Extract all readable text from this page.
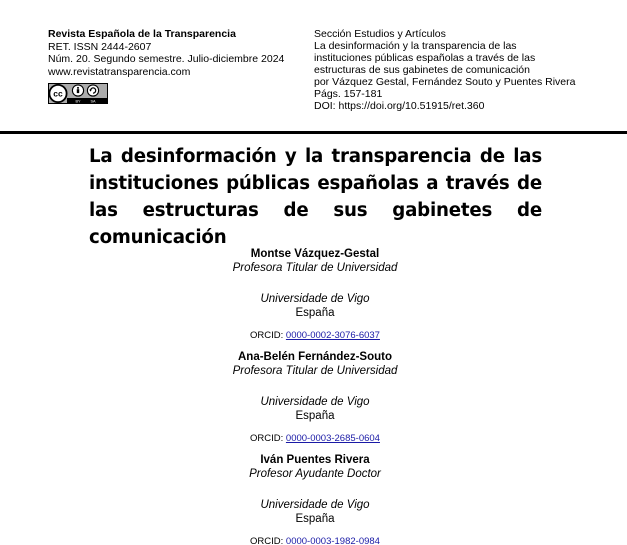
Revista Española de la Transparencia
RET. ISSN 2444-2607
Núm. 20. Segundo semestre. Julio-diciembre 2024
www.revistatransparencia.com
cc
BY	SA
Sección Estudios y Artículos
La desinformación y la transparencia de las
instituciones públicas españolas a través de las
estructuras de sus gabinetes de comunicación
por Vázquez Gestal, Fernández Souto y Puentes Rivera
Págs. 157-181
DOI: https://doi.org/10.51915/ret.360
La desinformación y la transparencia de las instituciones públicas españolas a través de las estructuras de sus gabinetes de comunicación
Montse Vázquez-Gestal
Profesora Titular de Universidad
Universidade de Vigo
España
ORCID: 0000-0002-3076-6037
Ana-Belén Fernández-Souto
Profesora Titular de Universidad
Universidade de Vigo
España
ORCID: 0000-0003-2685-0604
Iván Puentes Rivera
Profesor Ayudante Doctor
Universidade de Vigo
España
ORCID: 0000-0003-1982-0984
